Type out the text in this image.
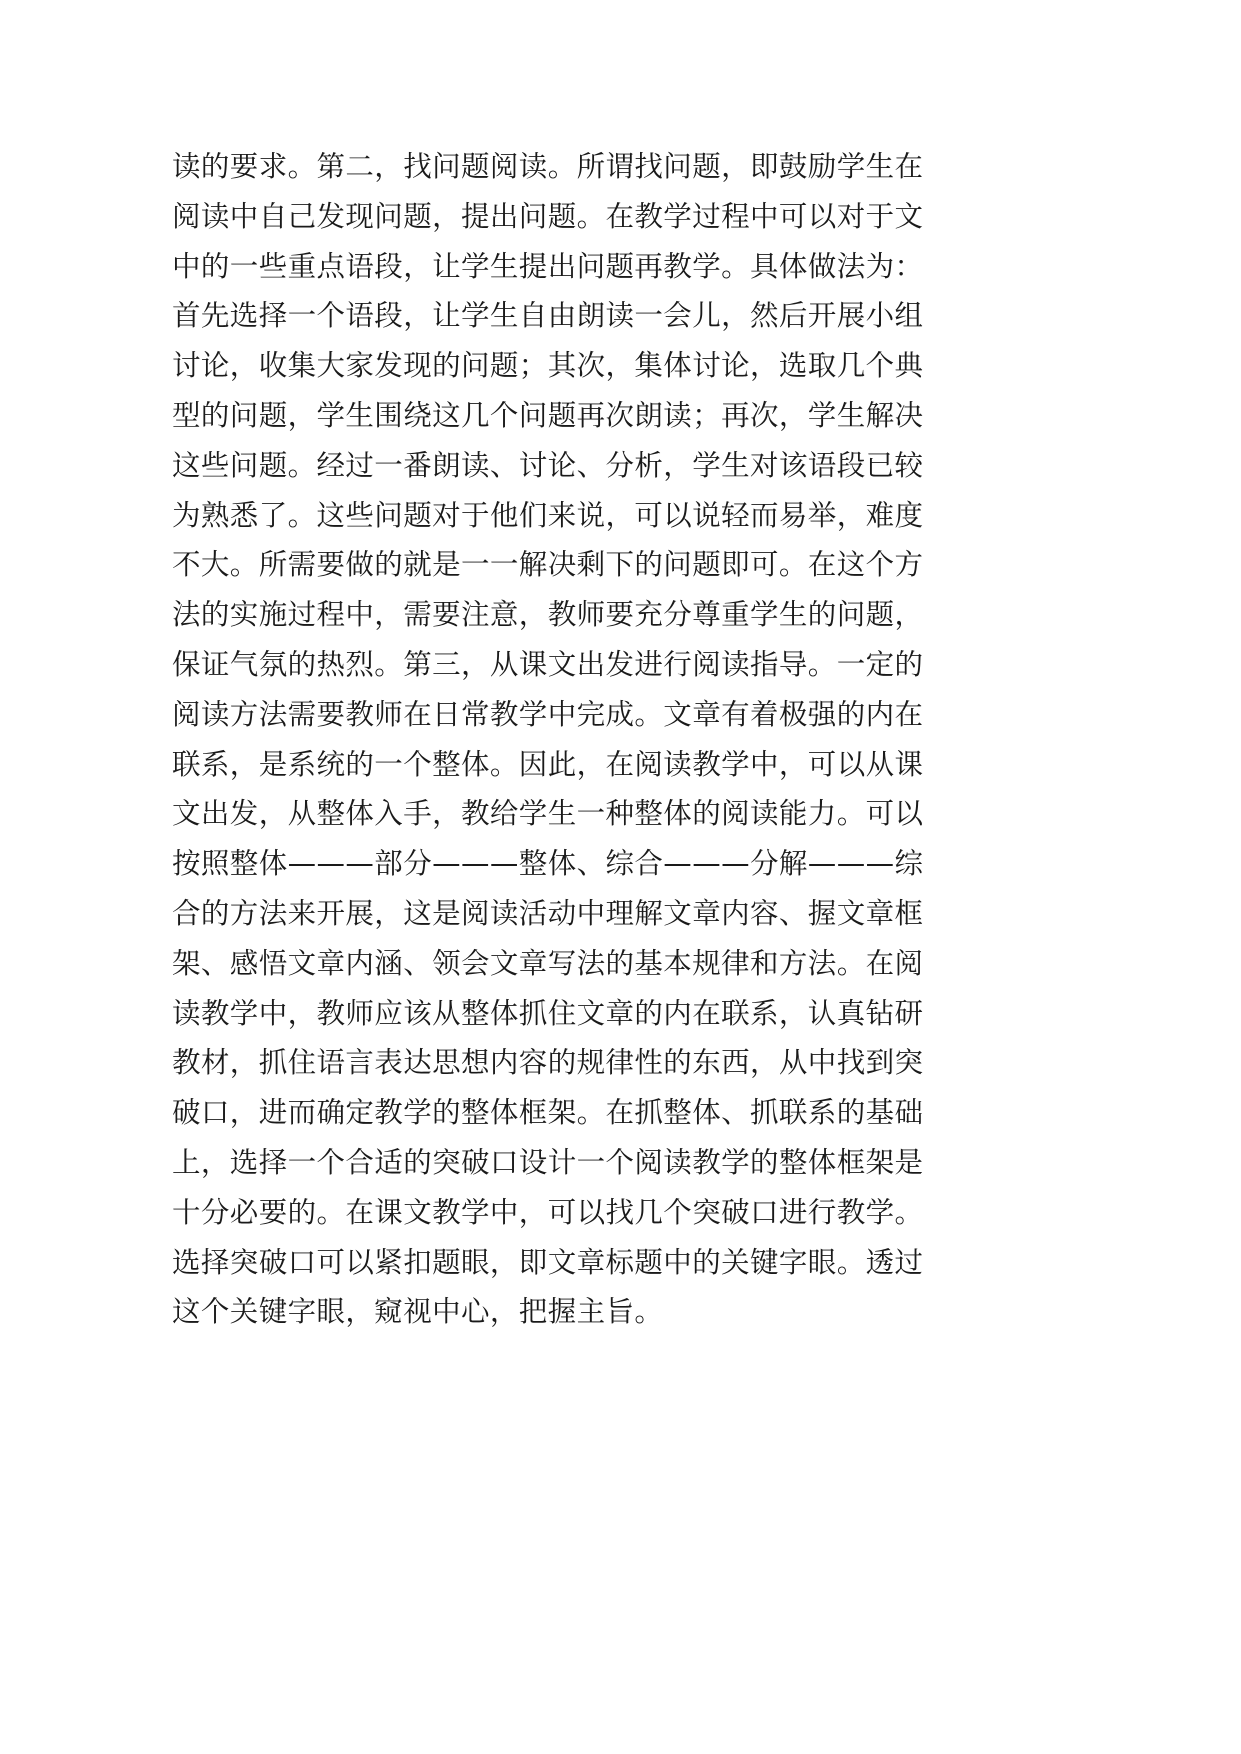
读的要求。第二，找问题阅读。所谓找问题，即鼓励学生在
阅读中自己发现问题，提出问题。在教学过程中可以对于文
中的一些重点语段，让学生提出问题再教学。具体做法为：
首先选择一个语段，让学生自由朗读一会儿，然后开展小组
讨论，收集大家发现的问题；其次，集体讨论，选取几个典
型的问题，学生围绕这几个问题再次朗读；再次，学生解决
这些问题。经过一番朗读、讨论、分析，学生对该语段已较
为熟悉了。这些问题对于他们来说，可以说轻而易举，难度
不大。所需要做的就是一一解决剩下的问题即可。在这个方
法的实施过程中，需要注意，教师要充分尊重学生的问题，
保证气氛的热烈。第三，从课文出发进行阅读指导。一定的
阅读方法需要教师在日常教学中完成。文章有着极强的内在
联系，是系统的一个整体。因此，在阅读教学中，可以从课
文出发，从整体入手，教给学生一种整体的阅读能力。可以
按照整体———部分———整体、综合———分解———综
合的方法来开展，这是阅读活动中理解文章内容、握文章框
架、感悟文章内涵、领会文章写法的基本规律和方法。在阅
读教学中，教师应该从整体抓住文章的内在联系，认真钻研
教材，抓住语言表达思想内容的规律性的东西，从中找到突
破口，进而确定教学的整体框架。在抓整体、抓联系的基础
上，选择一个合适的突破口设计一个阅读教学的整体框架是
十分必要的。在课文教学中，可以找几个突破口进行教学。
选择突破口可以紧扣题眼，即文章标题中的关键字眼。透过
这个关键字眼，窥视中心，把握主旨。
